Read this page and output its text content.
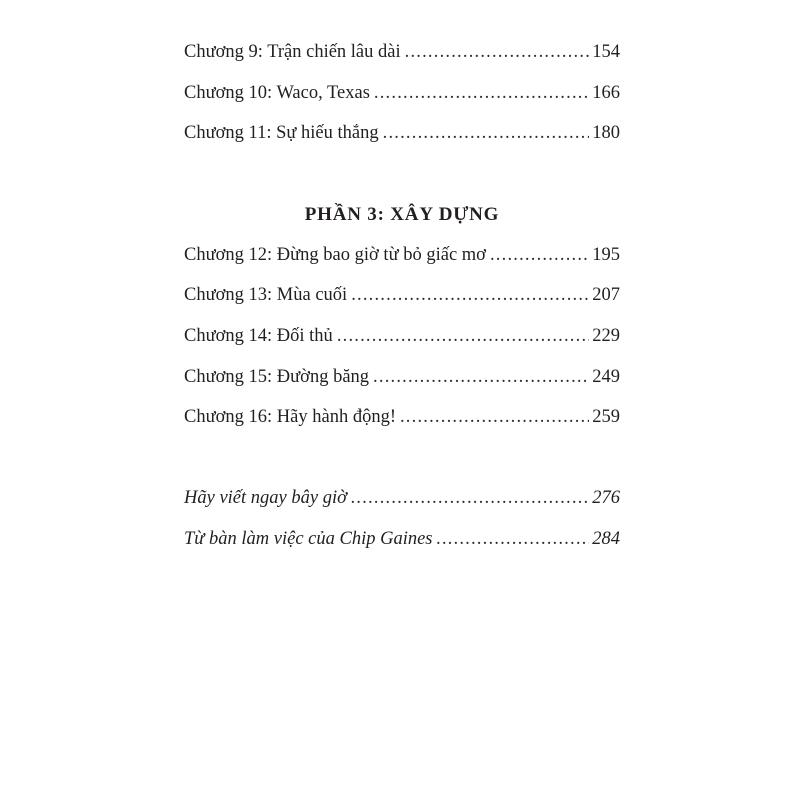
Chương 9: Trận chiến lâu dài .....	154
Chương 10: Waco, Texas .....	166
Chương 11: Sự hiếu thắng .....	180
PHẦN 3: XÂY DỰNG
Chương 12: Đừng bao giờ từ bỏ giấc mơ .....	195
Chương 13: Mùa cuối .....	207
Chương 14: Đối thủ .....	229
Chương 15: Đường băng .....	249
Chương 16: Hãy hành động! .....	259
Hãy viết ngay bây giờ .....	276
Từ bàn làm việc của Chip Gaines .....	284
